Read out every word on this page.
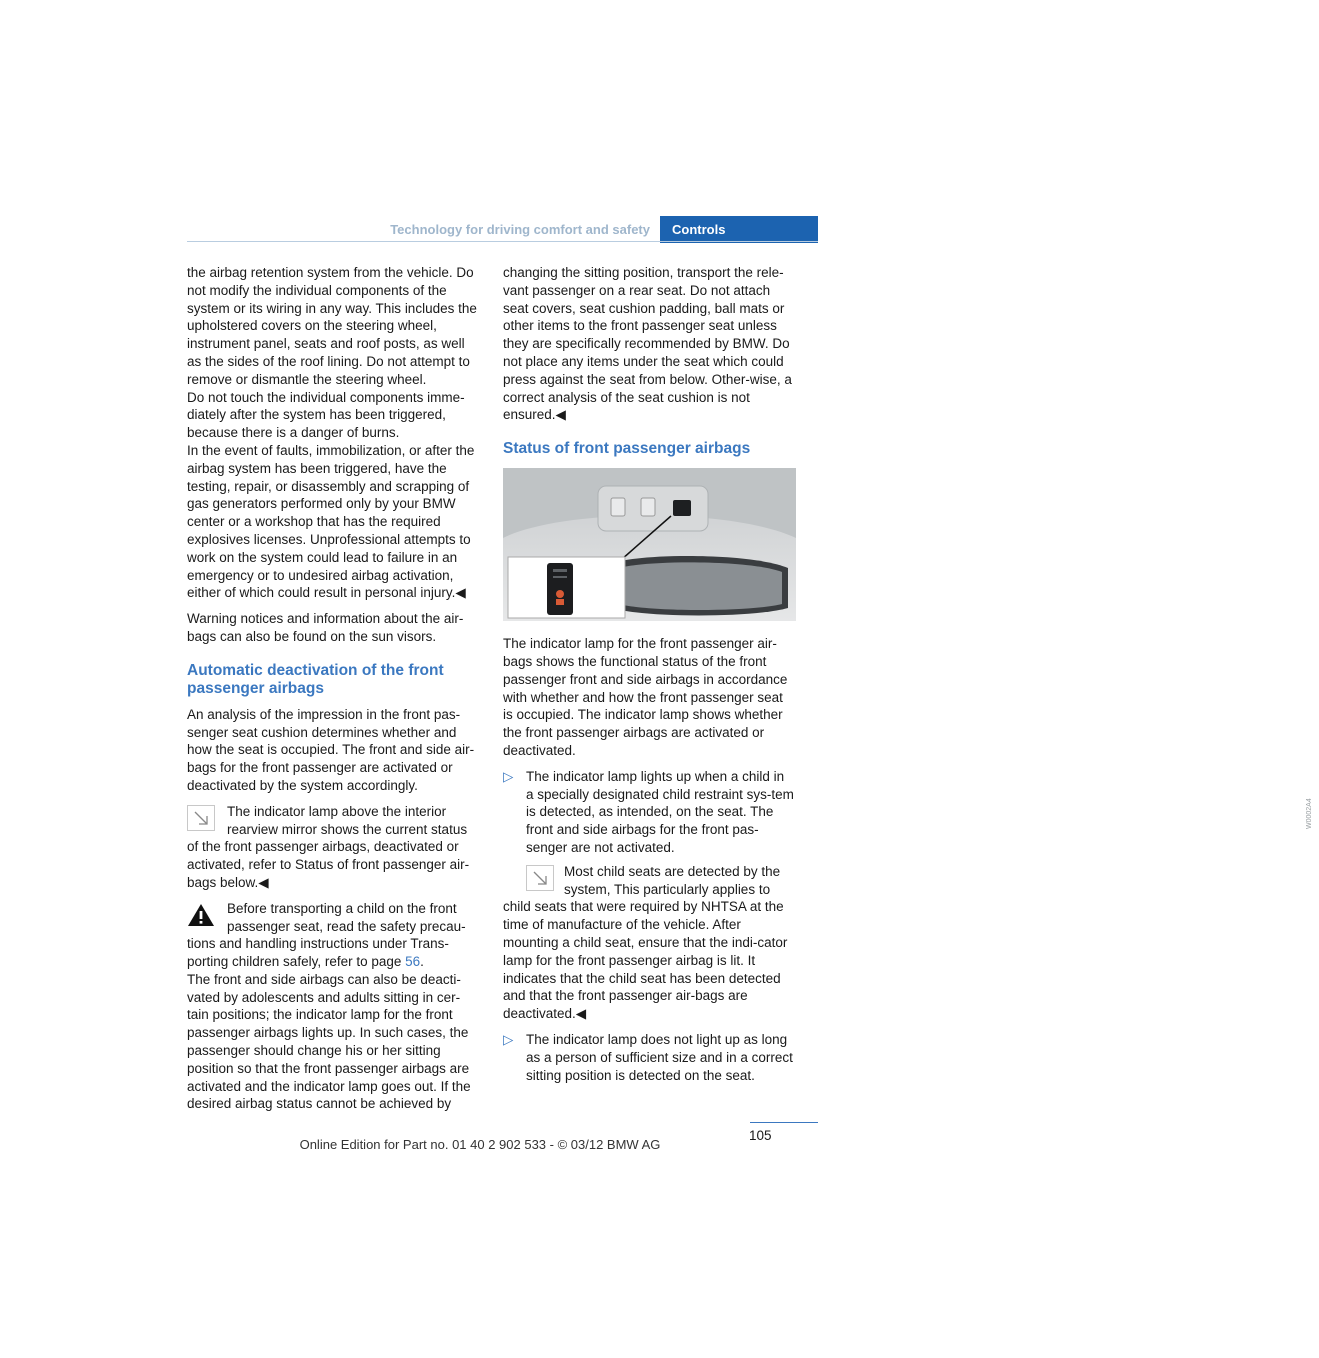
Technology for driving comfort and safety	Controls

the airbag retention system from the vehicle. Do not modify the individual components of the system or its wiring in any way. This includes the upholstered covers on the steering wheel, instrument panel, seats and roof posts, as well as the sides of the roof lining. Do not attempt to remove or dismantle the steering wheel.

Do not touch the individual components imme-diately after the system has been triggered, because there is a danger of burns.

In the event of faults, immobilization, or after the airbag system has been triggered, have the testing, repair, or disassembly and scrapping of gas generators performed only by your BMW center or a workshop that has the required explosives licenses. Unprofessional attempts to work on the system could lead to failure in an emergency or to undesired airbag activation, either of which could result in personal injury.◀

Warning notices and information about the air-bags can also be found on the sun visors.

Automatic deactivation of the front passenger airbags

An analysis of the impression in the front pas-senger seat cushion determines whether and how the seat is occupied. The front and side air-bags for the front passenger are activated or deactivated by the system accordingly.

The indicator lamp above the interior rearview mirror shows the current status
of the front passenger airbags, deactivated or activated, refer to Status of front passenger air-bags below.◀
Before transporting a child on the front passenger seat, read the safety precau-
tions and handling instructions under Trans-porting children safely, refer to page 56.

The front and side airbags can also be deacti-vated by adolescents and adults sitting in cer-tain positions; the indicator lamp for the front passenger airbags lights up. In such cases, the passenger should change his or her sitting position so that the front passenger airbags are activated and the indicator lamp goes out. If the desired airbag status cannot be achieved by

changing the sitting position, transport the rele-vant passenger on a rear seat. Do not attach seat covers, seat cushion padding, ball mats or other items to the front passenger seat unless they are specifically recommended by BMW. Do not place any items under the seat which could press against the seat from below. Other-wise, a correct analysis of the seat cushion is not ensured.◀

Status of front passenger airbags
W0002A4

The indicator lamp for the front passenger air-bags shows the functional status of the front passenger front and side airbags in accordance with whether and how the front passenger seat is occupied. The indicator lamp shows whether the front passenger airbags are activated or deactivated.

▷ The indicator lamp lights up when a child in a specially designated child restraint sys-tem is detected, as intended, on the seat. The front and side airbags for the front pas-senger are not activated.
Most child seats are detected by the system, This particularly applies to
child seats that were required by NHTSA at the time of manufacture of the vehicle. After mounting a child seat, ensure that the indi-cator lamp for the front passenger airbag is lit. It indicates that the child seat has been detected and that the front passenger air-bags are deactivated.◀
▷ The indicator lamp does not light up as long as a person of sufficient size and in a correct sitting position is detected on the seat.
105
Online Edition for Part no. 01 40 2 902 533 - © 03/12 BMW AG
